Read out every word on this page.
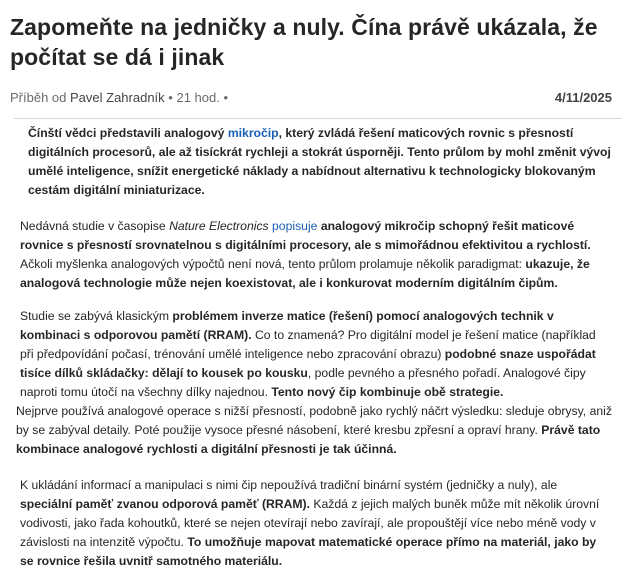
Zapomeňte na jedničky a nuly. Čína právě ukázala, že počítat se dá i jinak
Příběh od Pavel Zahradník • 21 hod. •	4/11/2025

Čínští vědci představili analogový mikročip, který zvládá řešení maticových rovnic s přesností digitálních procesorů, ale až tisíckrát rychleji a stokrát úsporněji. Tento průlom by mohl změnit vývoj umělé inteligence, snížit energetické náklady a nabídnout alternativu k technologicky blokovaným cestám digitální miniaturizace.

Nedávná studie v časopise Nature Electronics popisuje analogový mikročip schopný řešit maticové rovnice s přesností srovnatelnou s digitálními procesory, ale s mimořádnou efektivitou a rychlostí. Ačkoli myšlenka analogových výpočtů není nová, tento průlom prolamuje několik paradigmat: ukazuje, že analogová technologie může nejen koexistovat, ale i konkurovat moderním digitálním čipům.

Studie se zabývá klasickým problémem inverze matice (řešení) pomocí analogových technik v kombinaci s odporovou pamětí (RRAM). Co to znamená? Pro digitální model je řešení matice (například při předpovídání počasí, trénování umělé inteligence nebo zpracování obrazu) podobné snaze uspořádat tisíce dílků skládačky: dělají to kousek po kousku, podle pevného a přesného pořadí. Analogové čipy naproti tomu útočí na všechny dílky najednou. Tento nový čip kombinuje obě strategie.

Nejprve používá analogové operace s nižší přesností, podobně jako rychlý náčrt výsledku: sleduje obrysy, aniž by se zabýval detaily. Poté použije vysoce přesné násobení, které kresbu zpřesní a opraví hrany. Právě tato kombinace analogové rychlosti a digitální přesnosti je tak účinná.

K ukládání informací a manipulaci s nimi čip nepoužívá tradiční binární systém (jedničky a nuly), ale speciální paměť zvanou odporová paměť (RRAM). Každá z jejich malých buněk může mít několik úrovní vodivosti, jako řada kohoutků, které se nejen otevírají nebo zavírají, ale propouštějí více nebo méně vody v závislosti na intenzitě výpočtu. To umožňuje mapovat matematické operace přímo na materiál, jako by se rovnice řešila uvnitř samotného materiálu.
